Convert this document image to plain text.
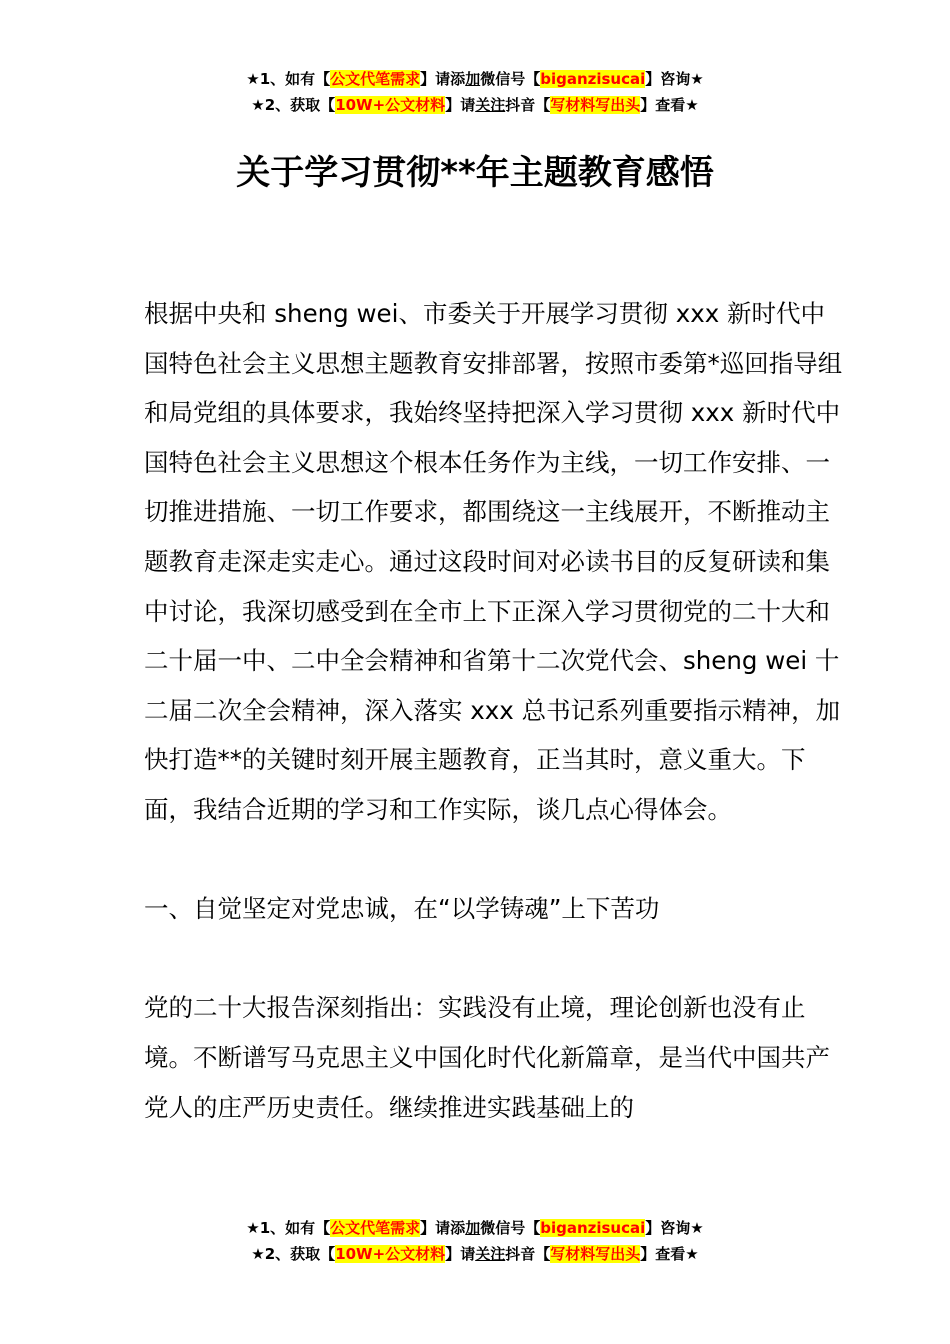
★1、如有【公文代笔需求】请添加微信号【biganzisucai】咨询★
★2、获取【10W+公文材料】请关注抖音【写材料写出头】查看★
关于学习贯彻**年主题教育感悟

根据中央和 sheng wei、市委关于开展学习贯彻 xxx 新时代中国特色社会主义思想主题教育安排部署，按照市委第*巡回指导组和局党组的具体要求，我始终坚持把深入学习贯彻 xxx 新时代中国特色社会主义思想这个根本任务作为主线，一切工作安排、一切推进措施、一切工作要求，都围绕这一主线展开，不断推动主题教育走深走实走心。通过这段时间对必读书目的反复研读和集中讨论，我深切感受到在全市上下正深入学习贯彻党的二十大和二十届一中、二中全会精神和省第十二次党代会、sheng wei 十二届二次全会精神，深入落实 xxx 总书记系列重要指示精神，加快打造**的关键时刻开展主题教育，正当其时，意义重大。下面，我结合近期的学习和工作实际，谈几点心得体会。

一、自觉坚定对党忠诚，在“以学铸魂”上下苦功

党的二十大报告深刻指出：实践没有止境，理论创新也没有止境。不断谱写马克思主义中国化时代化新篇章，是当代中国共产党人的庄严历史责任。继续推进实践基础上的

★1、如有【公文代笔需求】请添加微信号【biganzisucai】咨询★
★2、获取【10W+公文材料】请关注抖音【写材料写出头】查看★
